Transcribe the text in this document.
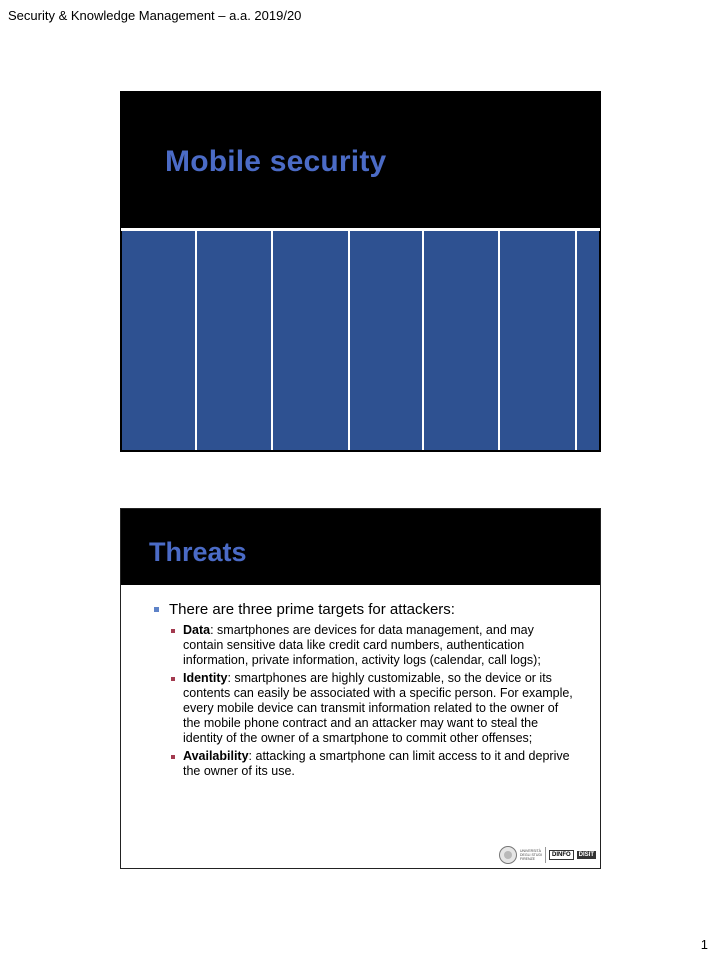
Security & Knowledge Management – a.a. 2019/20
Mobile security
Threats
There are three prime targets for attackers:
Data: smartphones are devices for data management, and may contain sensitive data like credit card numbers, authentication information, private information, activity logs (calendar, call logs);
Identity: smartphones are highly customizable, so the device or its contents can easily be associated with a specific person. For example, every mobile device can transmit information related to the owner of the mobile phone contract and an attacker may want to steal the identity of the owner of a smartphone to commit other offenses;
Availability: attacking a smartphone can limit access to it and deprive the owner of its use.
UNIVERSITÀ DEGLI STUDI FIRENZE
DINFO	DISIT
1
